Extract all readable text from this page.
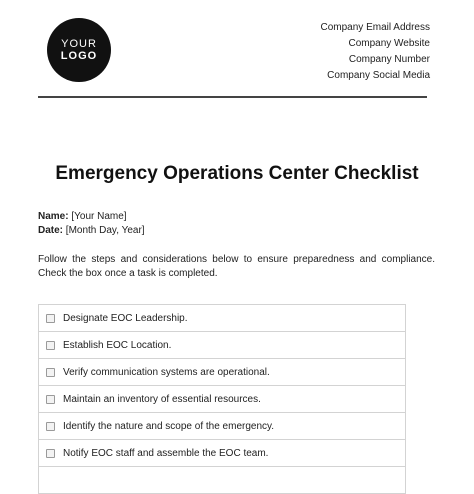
YOUR
LOGO
Company Email Address
Company Website
Company Number
Company Social Media
Emergency Operations Center Checklist
Name: [Your Name]
Date: [Month Day, Year]
Follow the steps and considerations below to ensure preparedness and compliance. Check the box once a task is completed.
Designate EOC Leadership.
Establish EOC Location.
Verify communication systems are operational.
Maintain an inventory of essential resources.
Identify the nature and scope of the emergency.
Notify EOC staff and assemble the EOC team.
